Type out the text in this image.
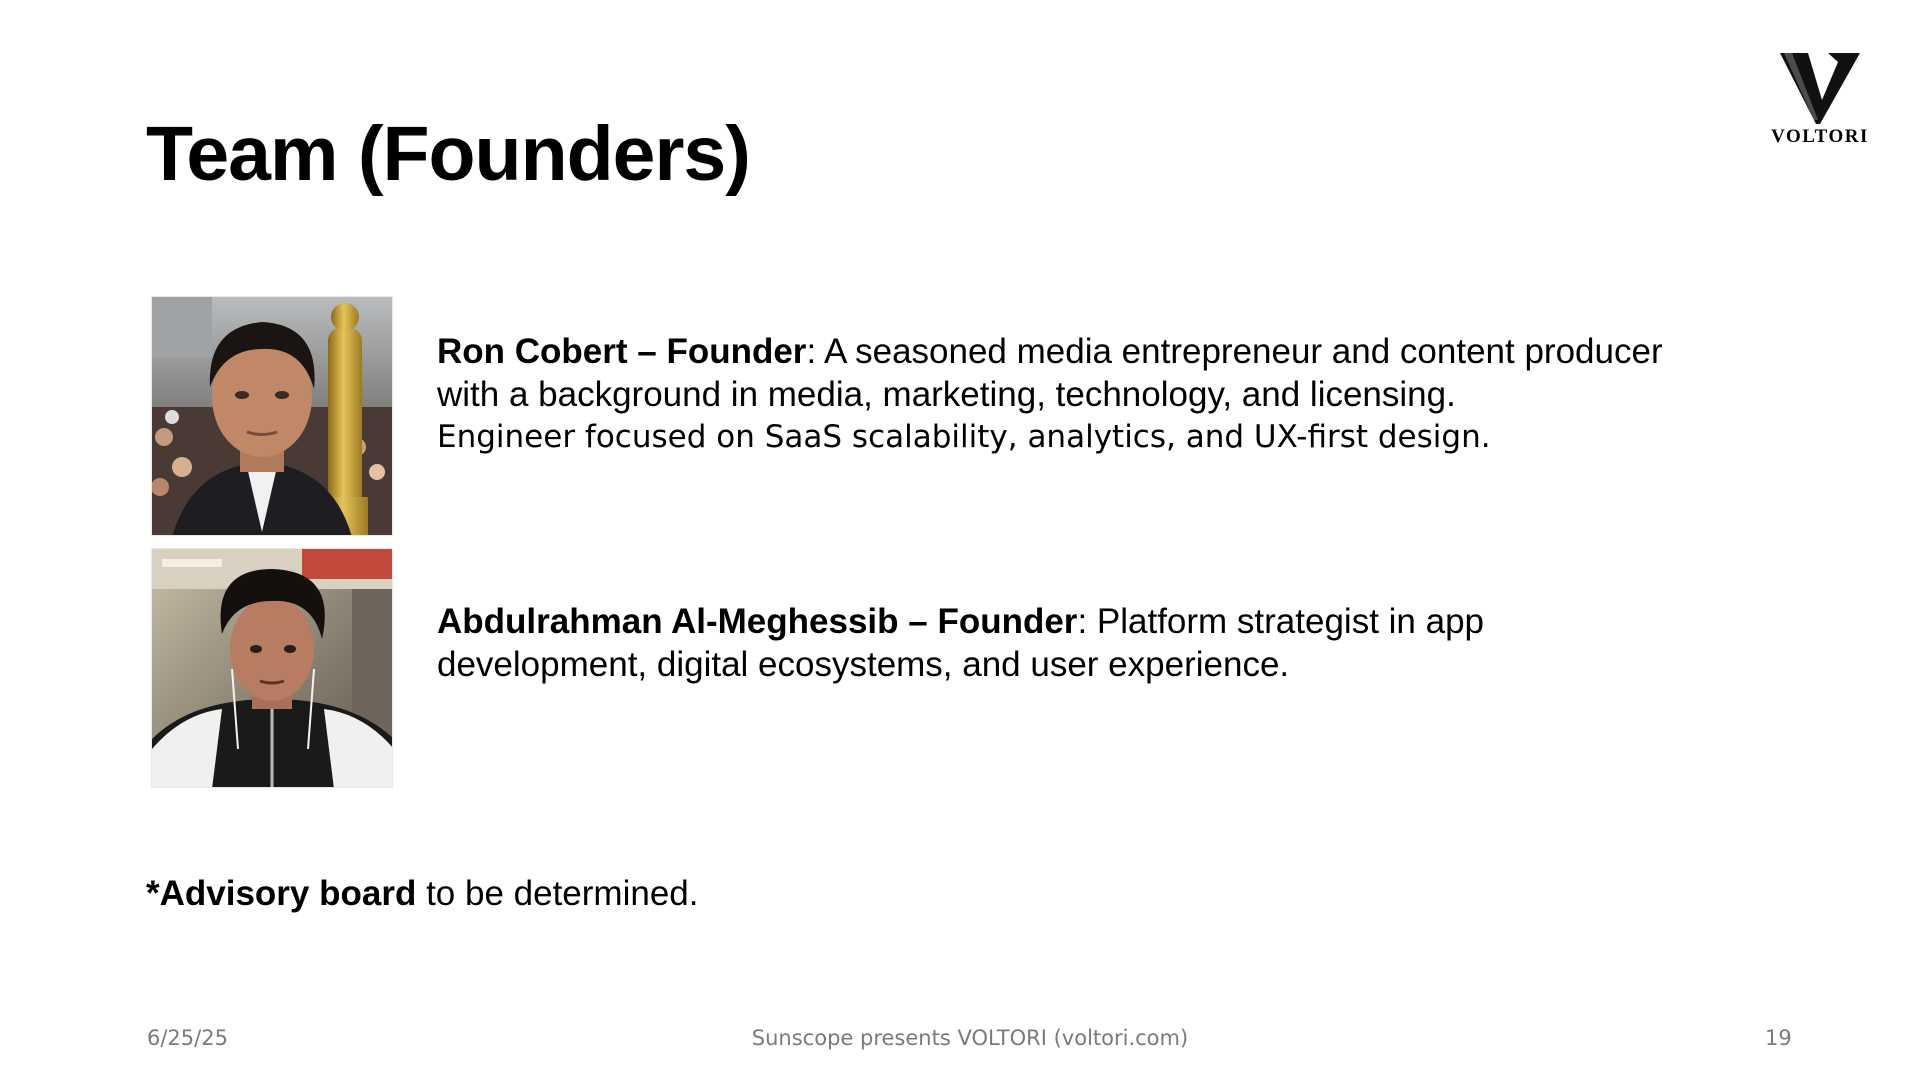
Team (Founders)	VOLTORI

Ron Cobert – Founder: A seasoned media entrepreneur and content producer with a background in media, marketing, technology, and licensing.
Engineer focused on SaaS scalability, analytics, and UX-first design.

Abdulrahman Al-Meghessib – Founder: Platform strategist in app development, digital ecosystems, and user experience.

*Advisory board to be determined.

6/25/25	Sunscope presents VOLTORI (voltori.com)	19
